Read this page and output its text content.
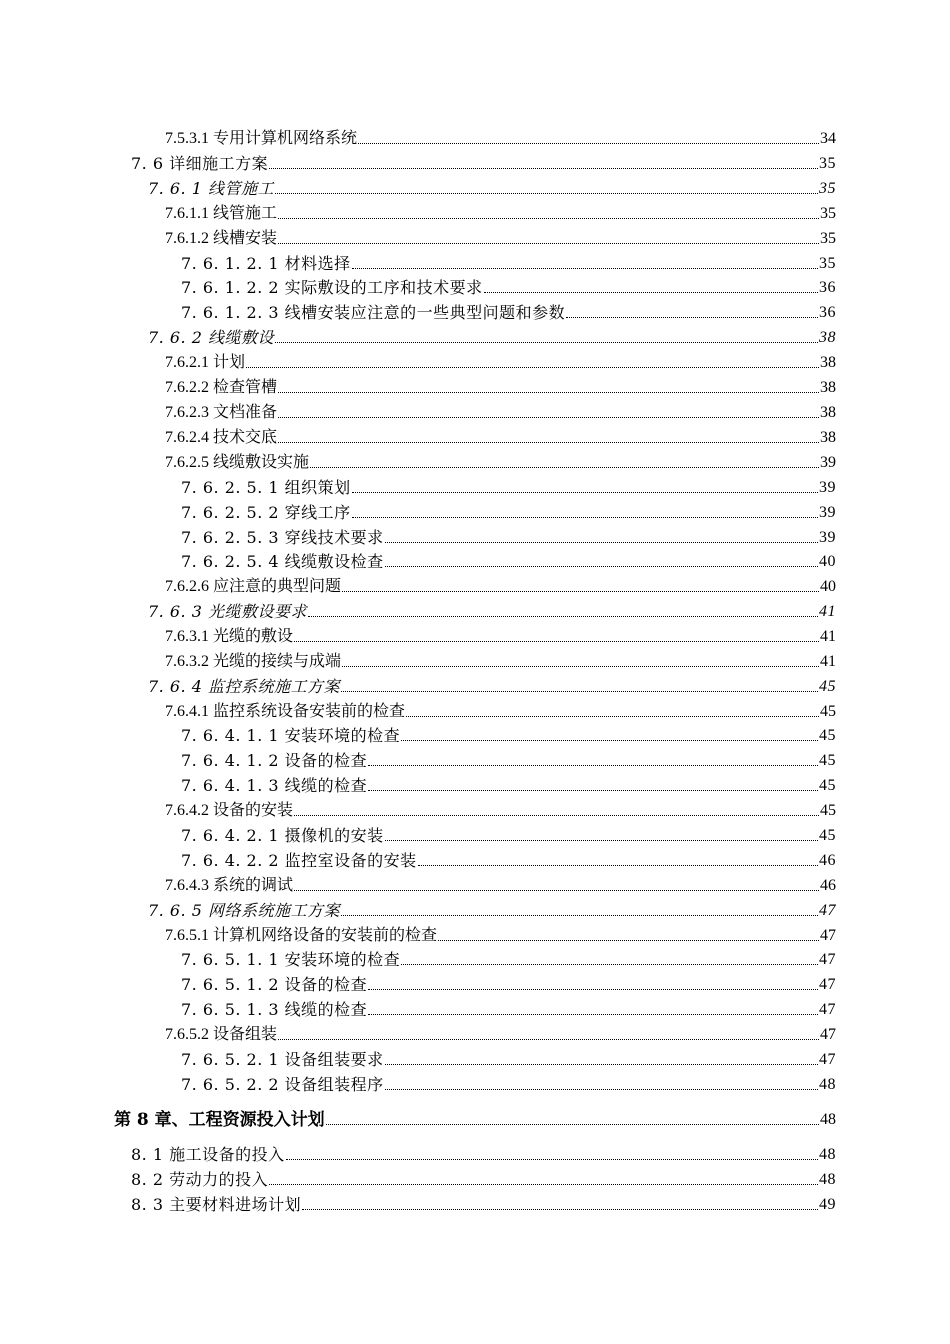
7.5.3.1 专用计算机网络系统	34
7. 6 详细施工方案	35
7. 6. 1 线管施工	35
7.6.1.1 线管施工	35
7.6.1.2 线槽安装	35
7. 6. 1. 2. 1 材料选择	35
7. 6. 1. 2. 2 实际敷设的工序和技术要求	36
7. 6. 1. 2. 3 线槽安装应注意的一些典型问题和参数	36
7. 6. 2 线缆敷设	38
7.6.2.1 计划	38
7.6.2.2 检查管槽	38
7.6.2.3 文档准备	38
7.6.2.4 技术交底	38
7.6.2.5 线缆敷设实施	39
7. 6. 2. 5. 1 组织策划	39
7. 6. 2. 5. 2 穿线工序	39
7. 6. 2. 5. 3 穿线技术要求	39
7. 6. 2. 5. 4 线缆敷设检查	40
7.6.2.6 应注意的典型问题	40
7. 6. 3 光缆敷设要求	41
7.6.3.1 光缆的敷设	41
7.6.3.2 光缆的接续与成端	41
7. 6. 4 监控系统施工方案	45
7.6.4.1 监控系统设备安装前的检查	45
7. 6. 4. 1. 1 安装环境的检查	45
7. 6. 4. 1. 2 设备的检查	45
7. 6. 4. 1. 3 线缆的检查	45
7.6.4.2 设备的安装	45
7. 6. 4. 2. 1 摄像机的安装	45
7. 6. 4. 2. 2 监控室设备的安装	46
7.6.4.3 系统的调试	46
7. 6. 5 网络系统施工方案	47
7.6.5.1 计算机网络设备的安装前的检查	47
7. 6. 5. 1. 1 安装环境的检查	47
7. 6. 5. 1. 2 设备的检查	47
7. 6. 5. 1. 3 线缆的检查	47
7.6.5.2 设备组装	47
7. 6. 5. 2. 1 设备组装要求	47
7. 6. 5. 2. 2 设备组装程序	48
第 8 章、工程资源投入计划	48
8. 1 施工设备的投入	48
8. 2 劳动力的投入	48
8. 3 主要材料进场计划	49
